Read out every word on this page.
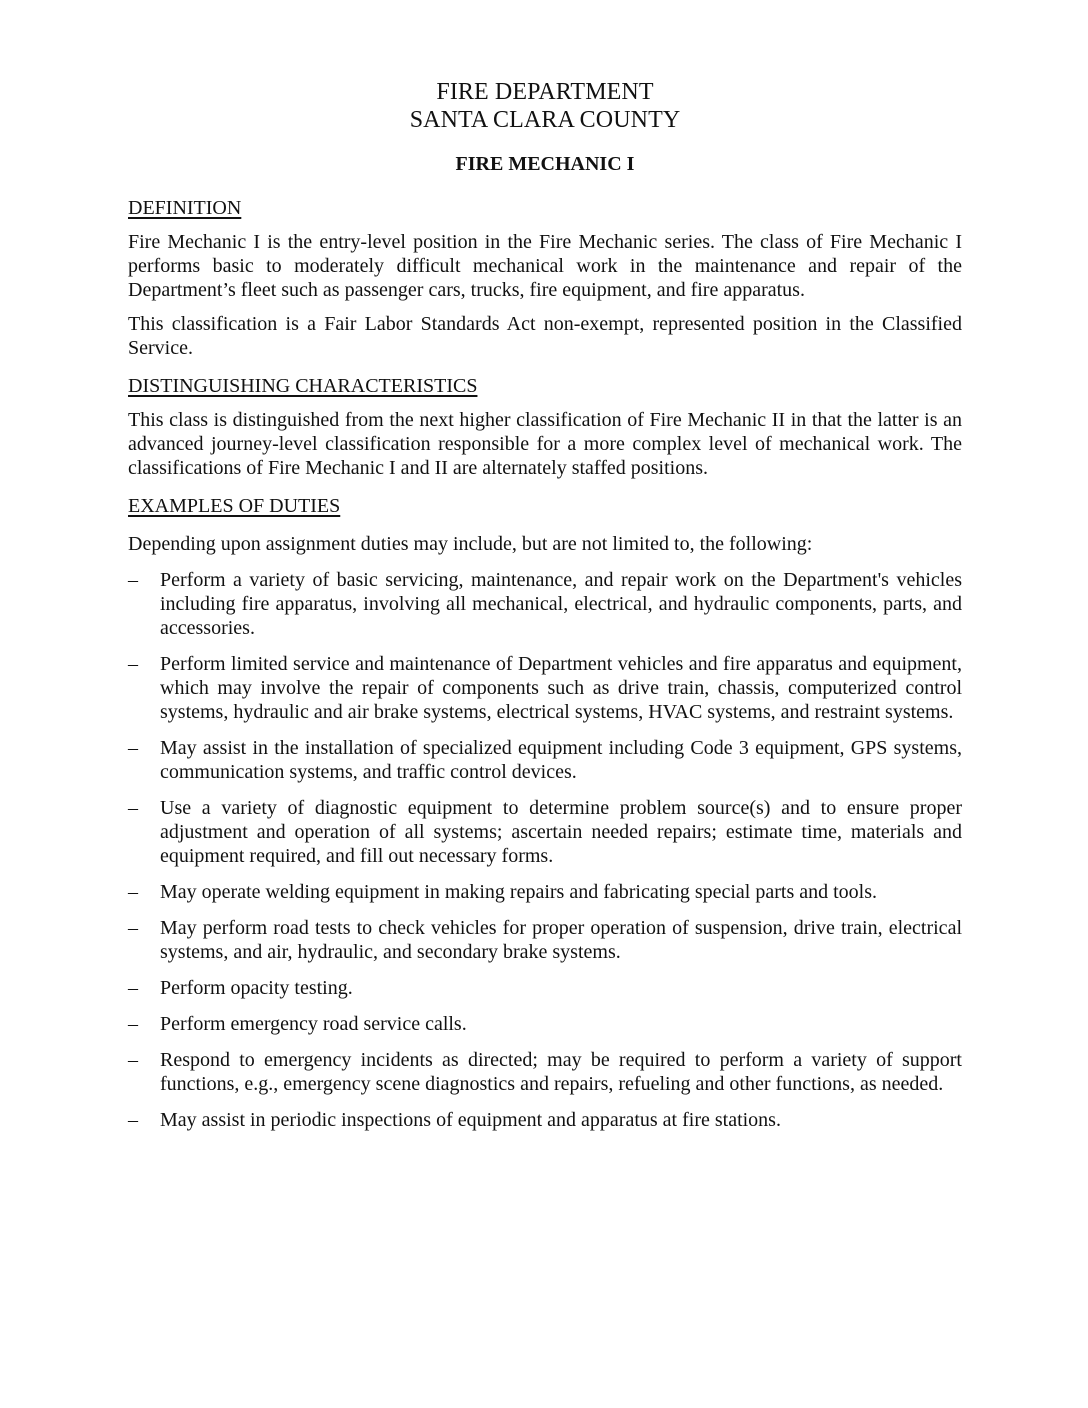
FIRE DEPARTMENT

SANTA CLARA COUNTY

FIRE MECHANIC I

DEFINITION

Fire Mechanic I is the entry-level position in the Fire Mechanic series. The class of Fire Mechanic I performs basic to moderately difficult mechanical work in the maintenance and repair of the Department’s fleet such as passenger cars, trucks, fire equipment, and fire apparatus.

This classification is a Fair Labor Standards Act non-exempt, represented position in the Classified Service.

DISTINGUISHING CHARACTERISTICS

This class is distinguished from the next higher classification of Fire Mechanic II in that the latter is an advanced journey-level classification responsible for a more complex level of mechanical work. The classifications of Fire Mechanic I and II are alternately staffed positions.

EXAMPLES OF DUTIES

Depending upon assignment duties may include, but are not limited to, the following:

– Perform a variety of basic servicing, maintenance, and repair work on the Department's vehicles including fire apparatus, involving all mechanical, electrical, and hydraulic components, parts, and accessories.
– Perform limited service and maintenance of Department vehicles and fire apparatus and equipment, which may involve the repair of components such as drive train, chassis, computerized control systems, hydraulic and air brake systems, electrical systems, HVAC systems, and restraint systems.
– May assist in the installation of specialized equipment including Code 3 equipment, GPS systems, communication systems, and traffic control devices.
– Use a variety of diagnostic equipment to determine problem source(s) and to ensure proper adjustment and operation of all systems; ascertain needed repairs; estimate time, materials and equipment required, and fill out necessary forms.
– May operate welding equipment in making repairs and fabricating special parts and tools.
– May perform road tests to check vehicles for proper operation of suspension, drive train, electrical systems, and air, hydraulic, and secondary brake systems.
– Perform opacity testing.
– Perform emergency road service calls.
– Respond to emergency incidents as directed; may be required to perform a variety of support functions, e.g., emergency scene diagnostics and repairs, refueling and other functions, as needed.
– May assist in periodic inspections of equipment and apparatus at fire stations.
